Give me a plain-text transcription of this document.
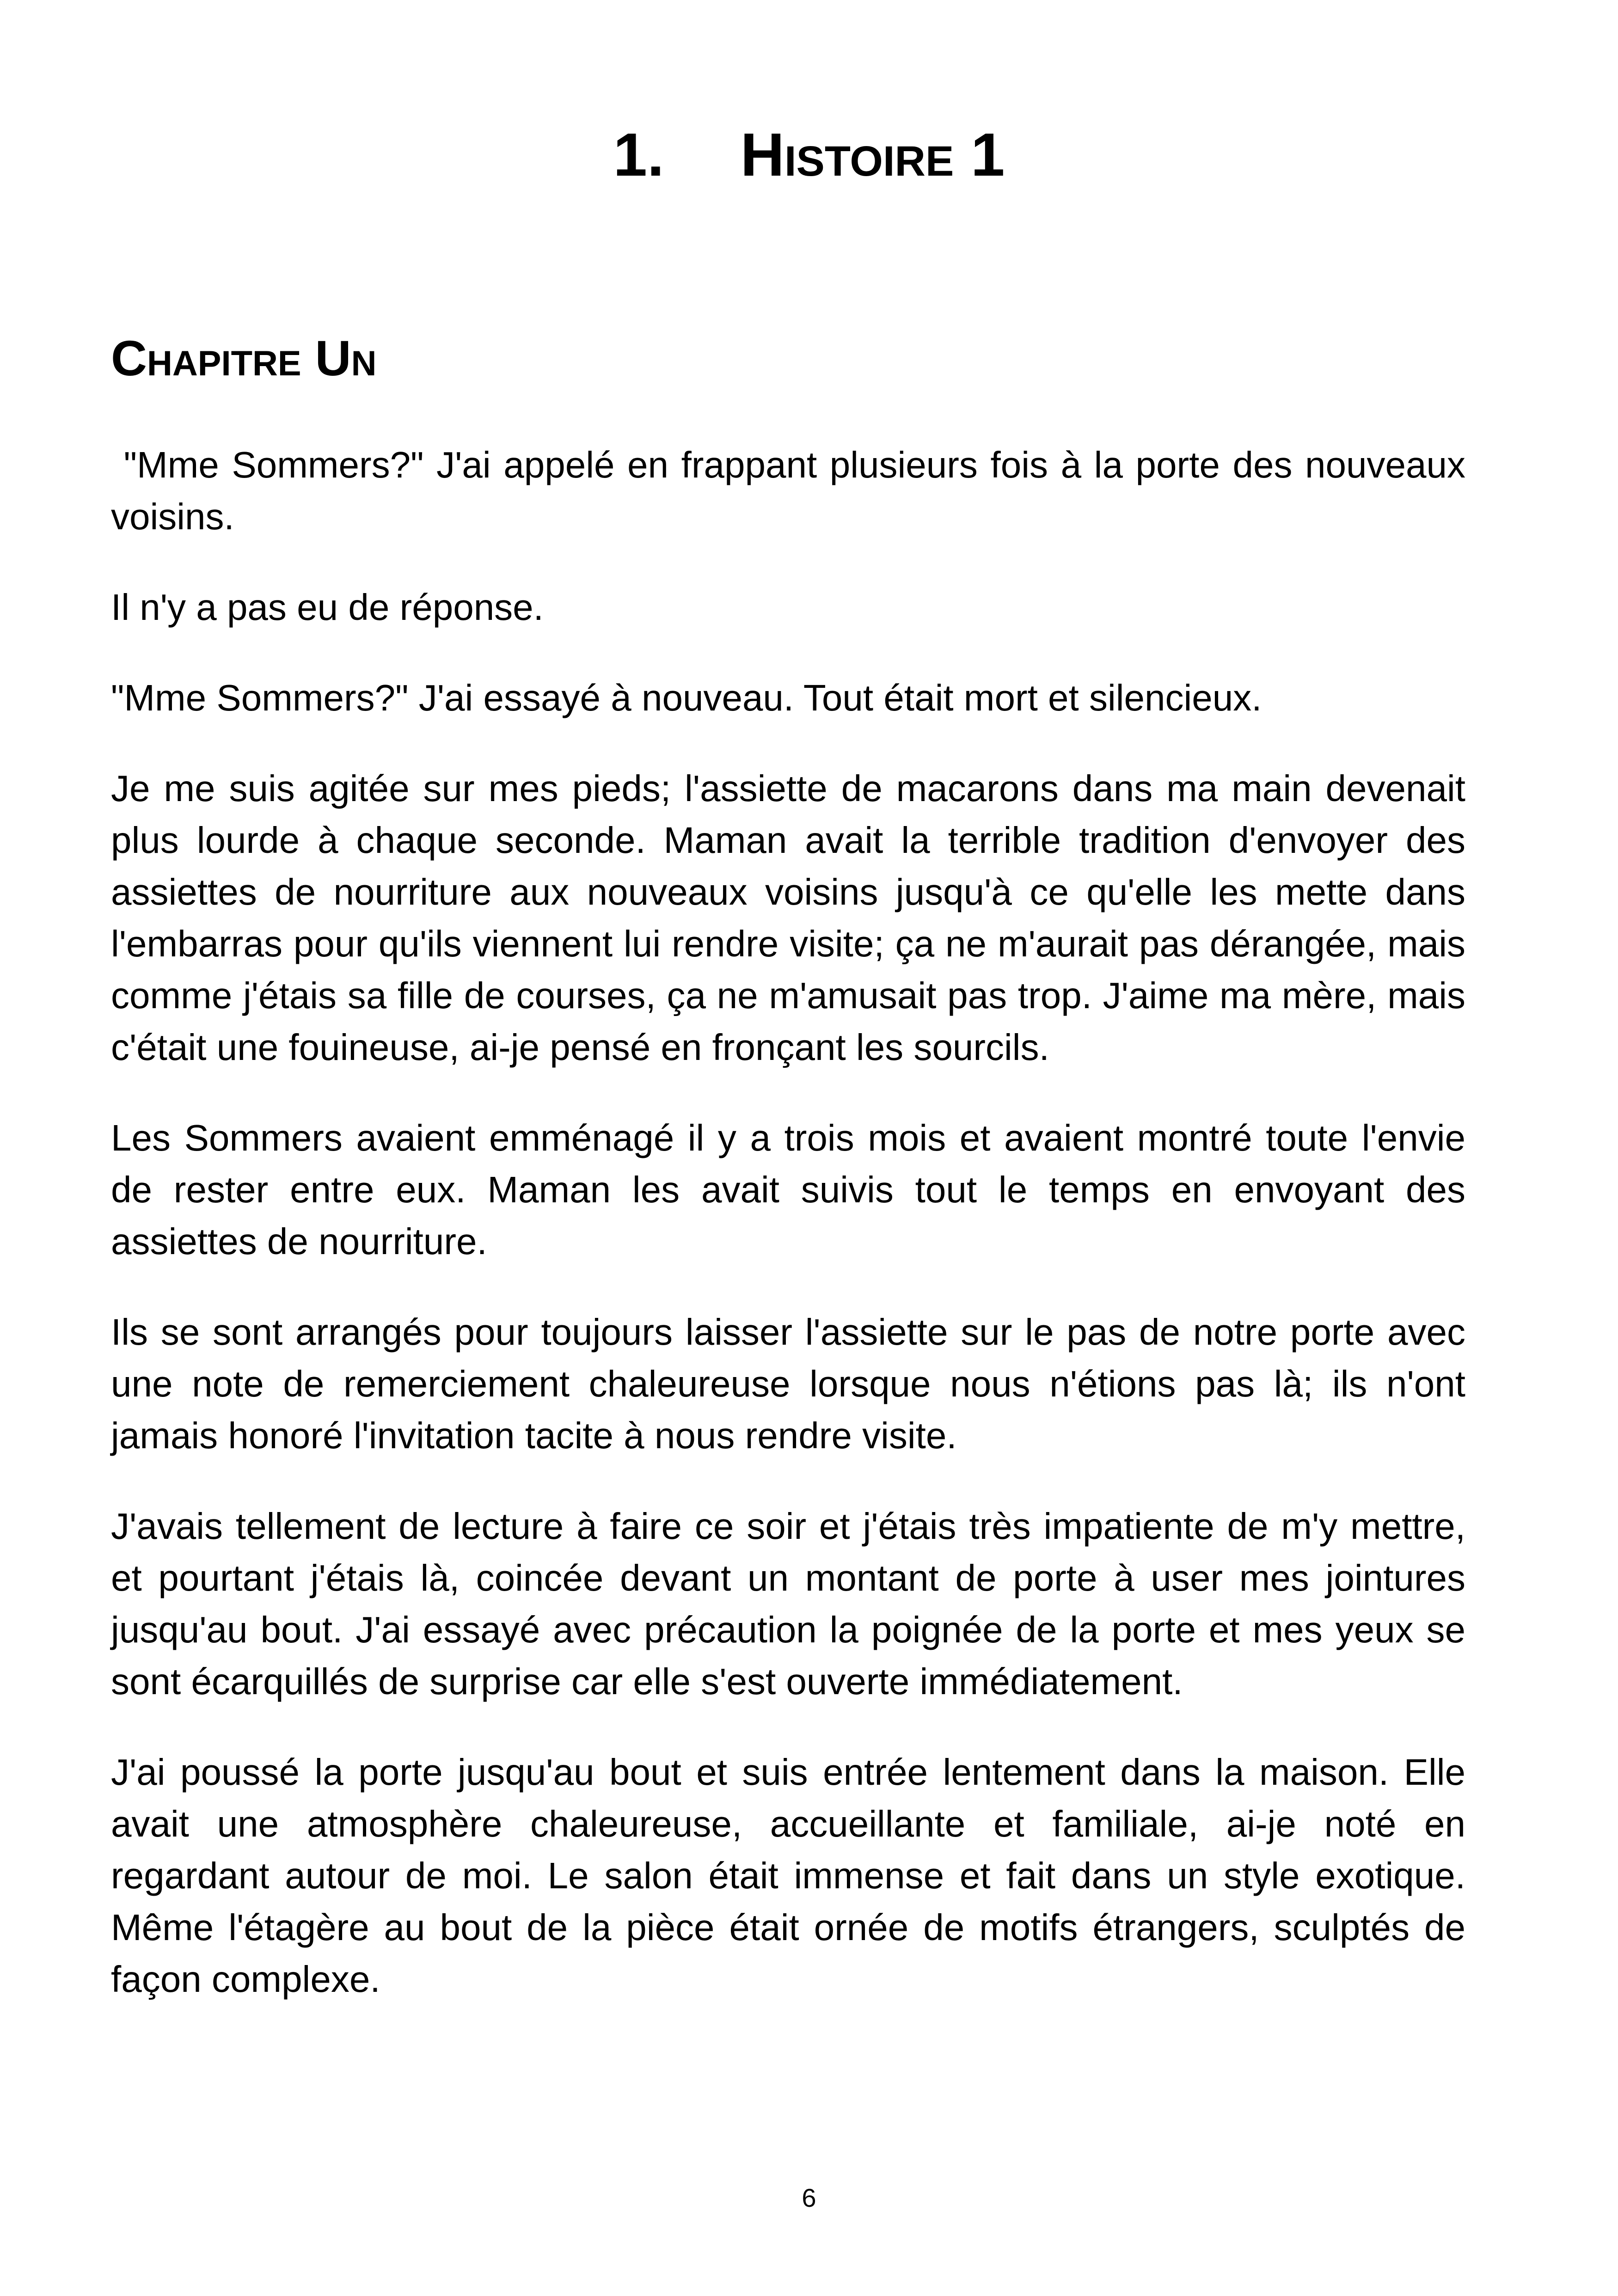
1. Histoire 1
Chapitre Un

"Mme Sommers?" J'ai appelé en frappant plusieurs fois à la porte des nouveaux voisins.

Il n'y a pas eu de réponse.

"Mme Sommers?" J'ai essayé à nouveau. Tout était mort et silencieux.

Je me suis agitée sur mes pieds; l'assiette de macarons dans ma main devenait plus lourde à chaque seconde. Maman avait la terrible tradition d'envoyer des assiettes de nourriture aux nouveaux voisins jusqu'à ce qu'elle les mette dans l'embarras pour qu'ils viennent lui rendre visite; ça ne m'aurait pas dérangée, mais comme j'étais sa fille de courses, ça ne m'amusait pas trop. J'aime ma mère, mais c'était une fouineuse, ai-je pensé en fronçant les sourcils.

Les Sommers avaient emménagé il y a trois mois et avaient montré toute l'envie de rester entre eux. Maman les avait suivis tout le temps en envoyant des assiettes de nourriture.

Ils se sont arrangés pour toujours laisser l'assiette sur le pas de notre porte avec une note de remerciement chaleureuse lorsque nous n'étions pas là; ils n'ont jamais honoré l'invitation tacite à nous rendre visite.

J'avais tellement de lecture à faire ce soir et j'étais très impatiente de m'y mettre, et pourtant j'étais là, coincée devant un montant de porte à user mes jointures jusqu'au bout. J'ai essayé avec précaution la poignée de la porte et mes yeux se sont écarquillés de surprise car elle s'est ouverte immédiatement.

J'ai poussé la porte jusqu'au bout et suis entrée lentement dans la maison. Elle avait une atmosphère chaleureuse, accueillante et familiale, ai-je noté en regardant autour de moi. Le salon était immense et fait dans un style exotique. Même l'étagère au bout de la pièce était ornée de motifs étrangers, sculptés de façon complexe.

6
